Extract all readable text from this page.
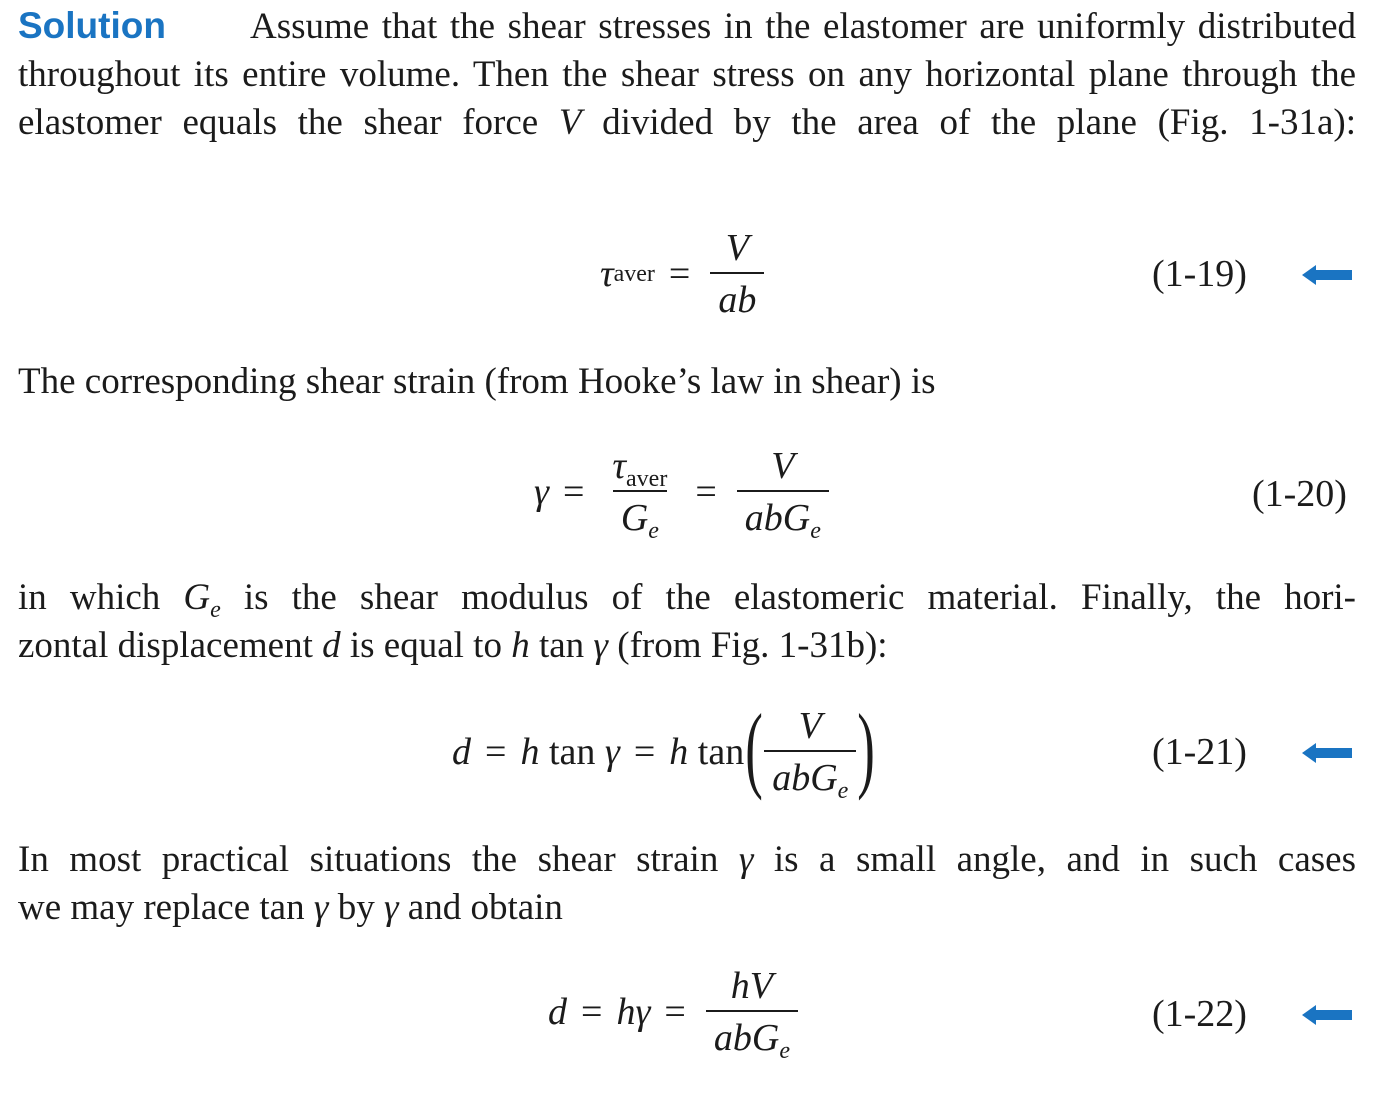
Solution Assume that the shear stresses in the elastomer are uniformly distributed throughout its entire volume. Then the shear stress on any horizontal plane through the elastomer equals the shear force V divided by the area of the plane (Fig. 1-31a):
τ aver = $\frac{V}{ab}$	(1-19)
The corresponding shear strain (from Hooke’s law in shear) is
$\gamma = \frac{\tau_{aver}}{G_e} = \frac{V}{abG_e}$	(1-20)
in which $G_e$ is the shear modulus of the elastomeric material. Finally, the hori-
zontal displacement d is equal to h tan γ (from Fig. 1-31b):
d = h
tan
γ = h
tan ( $\frac{V}{abG_e}$ )	(1-21)
In most practical situations the shear strain γ is a small angle, and in such cases
we may replace tan γ by γ and obtain
$d = h\gamma = \frac{hV}{abG_e}$	(1-22)
